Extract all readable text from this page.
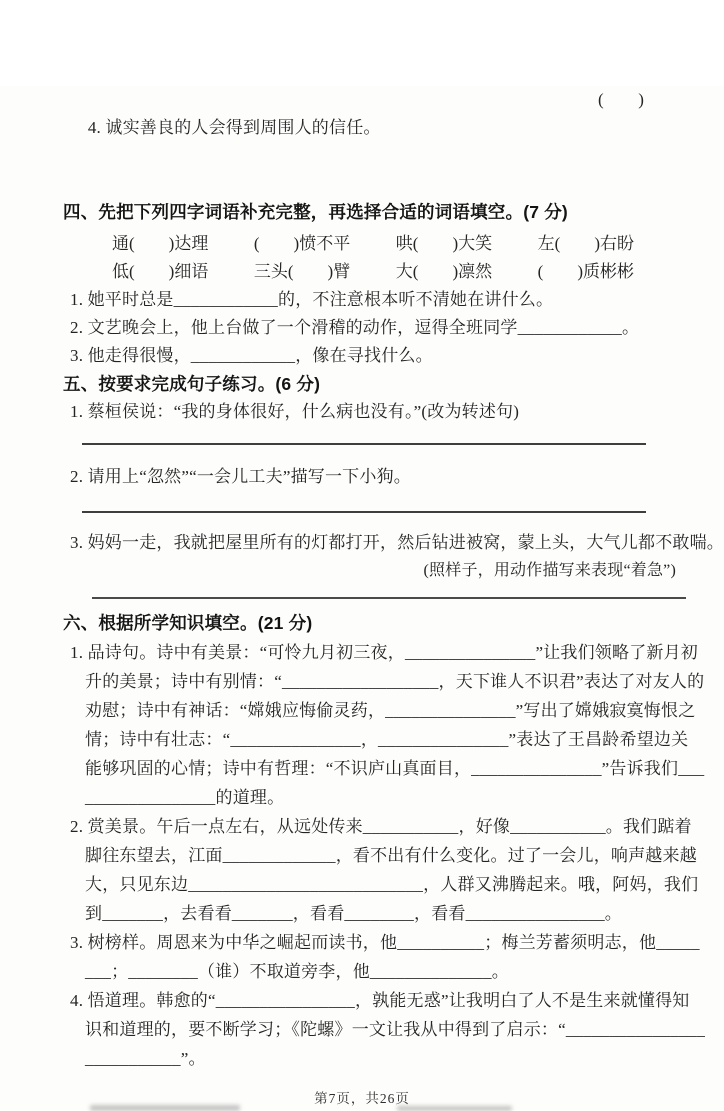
4. 诚实善良的人会得到周围人的信任。

(　　)

四、先把下列四字词语补充完整，再选择合适的词语填空。(7 分)
通(　　)达理	(　　)愤不平	哄(　　)大笑	左(　　)右盼
低(　　)细语	三头(　　)臂	大(　　)凛然	(　　)质彬彬
1. 她平时总是____________的，不注意根本听不清她在讲什么。
2. 文艺晚会上，他上台做了一个滑稽的动作，逗得全班同学____________。
3. 他走得很慢，____________，像在寻找什么。
五、按要求完成句子练习。(6 分)
1. 蔡桓侯说：“我的身体很好，什么病也没有。”(改为转述句)
2. 请用上“忽然”“一会儿工夫”描写一下小狗。
3. 妈妈一走，我就把屋里所有的灯都打开，然后钻进被窝，蒙上头，大气儿都不敢喘。
(照样子，用动作描写来表现“着急”)
六、根据所学知识填空。(21 分)
1. 品诗句。诗中有美景：“可怜九月初三夜，_______________”让我们领略了新月初
升的美景；诗中有别情：“__________________，天下谁人不识君”表达了对友人的
劝慰；诗中有神话：“嫦娥应悔偷灵药，_______________”写出了嫦娥寂寞悔恨之
情；诗中有壮志：“_______________，_______________”表达了王昌龄希望边关
能够巩固的心情；诗中有哲理：“不识庐山真面目，_______________”告诉我们___
_______________的道理。
2. 赏美景。午后一点左右，从远处传来___________，好像___________。我们踮着
脚往东望去，江面_____________，看不出有什么变化。过了一会儿，响声越来越
大，只见东边___________________________，人群又沸腾起来。哦，阿妈，我们
到_______，去看看_______，看看________，看看________________。
3. 树榜样。周恩来为中华之崛起而读书，他__________；梅兰芳蓄须明志，他_____
___；________（谁）不取道旁李，他______________。
4. 悟道理。韩愈的“________________，孰能无惑”让我明白了人不是生来就懂得知
识和道理的，要不断学习；《陀螺》一文让我从中得到了启示：“________________
___________”。
第7页，共26页
